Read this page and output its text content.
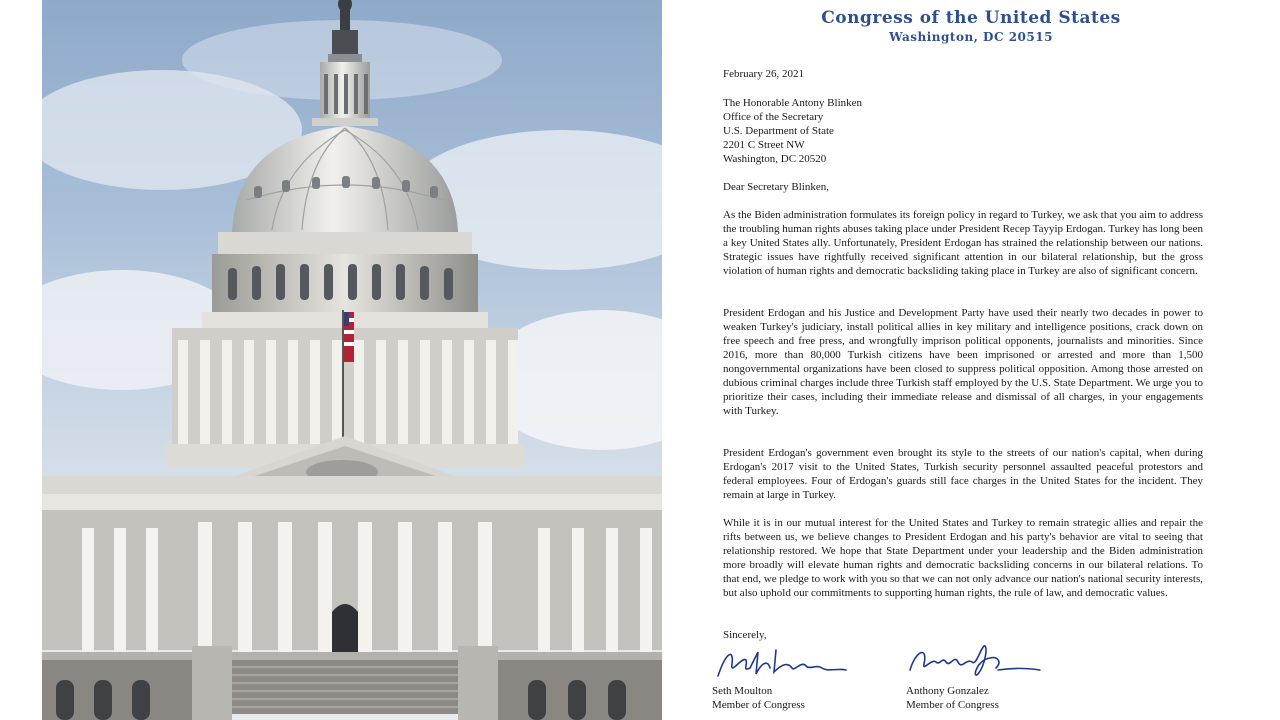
Congress of the United States
Washington, DC 20515
February 26, 2021
The Honorable Antony Blinken
Office of the Secretary
U.S. Department of State
2201 C Street NW
Washington, DC 20520
Dear Secretary Blinken,
As the Biden administration formulates its foreign policy in regard to Turkey, we ask that you aim to address the troubling human rights abuses taking place under President Recep Tayyip Erdogan. Turkey has long been a key United States ally. Unfortunately, President Erdogan has strained the relationship between our nations. Strategic issues have rightfully received significant attention in our bilateral relationship, but the gross violation of human rights and democratic backsliding taking place in Turkey are also of significant concern.
President Erdogan and his Justice and Development Party have used their nearly two decades in power to weaken Turkey's judiciary, install political allies in key military and intelligence positions, crack down on free speech and free press, and wrongfully imprison political opponents, journalists and minorities. Since 2016, more than 80,000 Turkish citizens have been imprisoned or arrested and more than 1,500 nongovernmental organizations have been closed to suppress political opposition. Among those arrested on dubious criminal charges include three Turkish staff employed by the U.S. State Department. We urge you to prioritize their cases, including their immediate release and dismissal of all charges, in your engagements with Turkey.
President Erdogan's government even brought its style to the streets of our nation's capital, when during Erdogan's 2017 visit to the United States, Turkish security personnel assaulted peaceful protestors and federal employees. Four of Erdogan's guards still face charges in the United States for the incident. They remain at large in Turkey.
While it is in our mutual interest for the United States and Turkey to remain strategic allies and repair the rifts between us, we believe changes to President Erdogan and his party's behavior are vital to seeing that relationship restored. We hope that State Department under your leadership and the Biden administration more broadly will elevate human rights and democratic backsliding concerns in our bilateral relations. To that end, we pledge to work with you so that we can not only advance our nation's national security interests, but also uphold our commitments to supporting human rights, the rule of law, and democratic values.
Sincerely,
Seth Moulton
Member of Congress
Anthony Gonzalez
Member of Congress
